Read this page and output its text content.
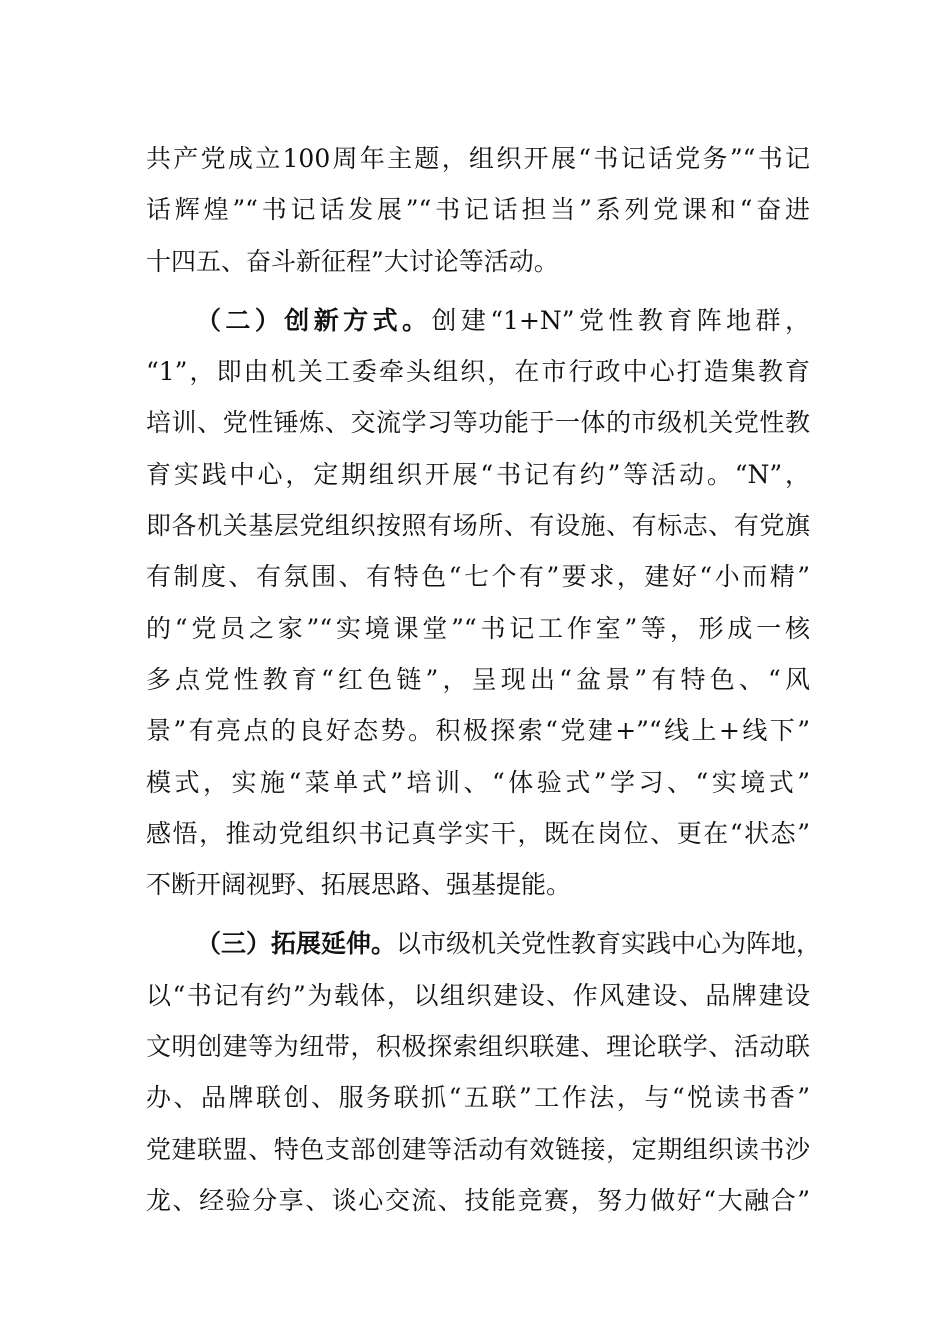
共产党成立100周年主题，组织开展“书记话党务”“书记
话辉煌”“书记话发展”“书记话担当”系列党课和“奋进
十四五、奋斗新征程”大讨论等活动。
（二）创新方式。创建“1+N”党性教育阵地群，
“1”，即由机关工委牵头组织，在市行政中心打造集教育
培训、党性锤炼、交流学习等功能于一体的市级机关党性教
育实践中心，定期组织开展“书记有约”等活动。“N”，
即各机关基层党组织按照有场所、有设施、有标志、有党旗
有制度、有氛围、有特色“七个有”要求，建好“小而精”
的“党员之家”“实境课堂”“书记工作室”等，形成一核
多点党性教育“红色链”，呈现出“盆景”有特色、“风
景”有亮点的良好态势。积极探索“党建+”“线上+线下”
模式，实施“菜单式”培训、“体验式”学习、“实境式”
感悟，推动党组织书记真学实干，既在岗位、更在“状态”
不断开阔视野、拓展思路、强基提能。
（三）拓展延伸。以市级机关党性教育实践中心为阵地，
以“书记有约”为载体，以组织建设、作风建设、品牌建设
文明创建等为纽带，积极探索组织联建、理论联学、活动联
办、品牌联创、服务联抓“五联”工作法，与“悦读书香”
党建联盟、特色支部创建等活动有效链接，定期组织读书沙
龙、经验分享、谈心交流、技能竞赛，努力做好“大融合”
